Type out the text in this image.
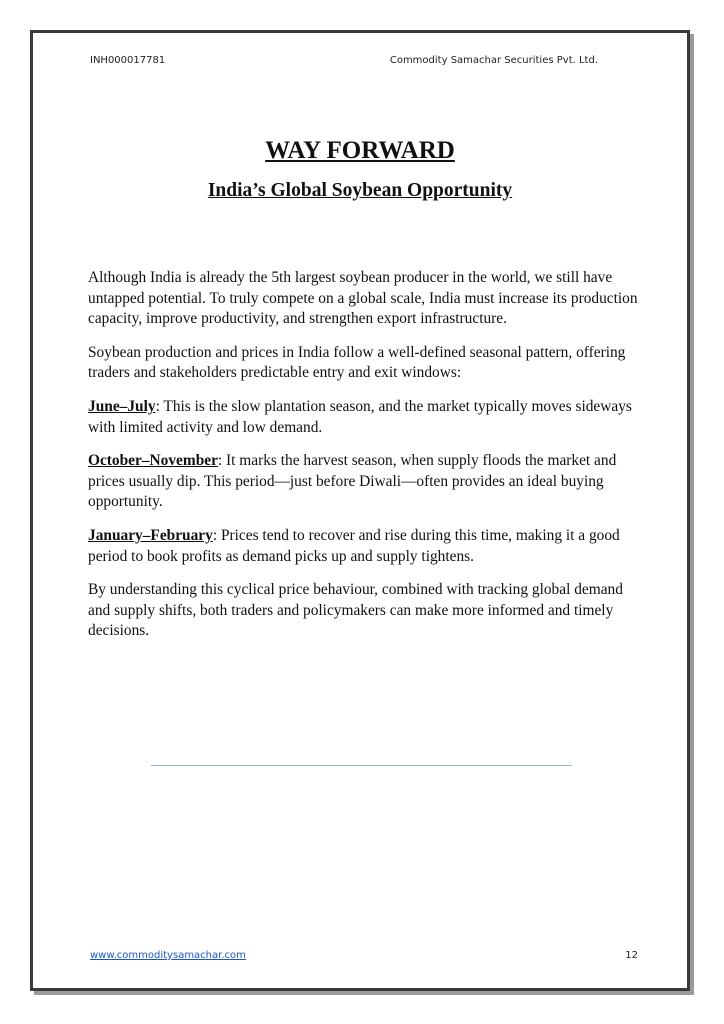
INH000017781	Commodity Samachar Securities Pvt. Ltd.
WAY FORWARD
India’s Global Soybean Opportunity

Although India is already the 5th largest soybean producer in the world, we still have untapped potential. To truly compete on a global scale, India must increase its production capacity, improve productivity, and strengthen export infrastructure.

Soybean production and prices in India follow a well-defined seasonal pattern, offering traders and stakeholders predictable entry and exit windows:

June–July: This is the slow plantation season, and the market typically moves sideways with limited activity and low demand.

October–November: It marks the harvest season, when supply floods the market and prices usually dip. This period—just before Diwali—often provides an ideal buying opportunity.

January–February: Prices tend to recover and rise during this time, making it a good period to book profits as demand picks up and supply tightens.

By understanding this cyclical price behaviour, combined with tracking global demand and supply shifts, both traders and policymakers can make more informed and timely decisions.

www.commoditysamachar.com	12
